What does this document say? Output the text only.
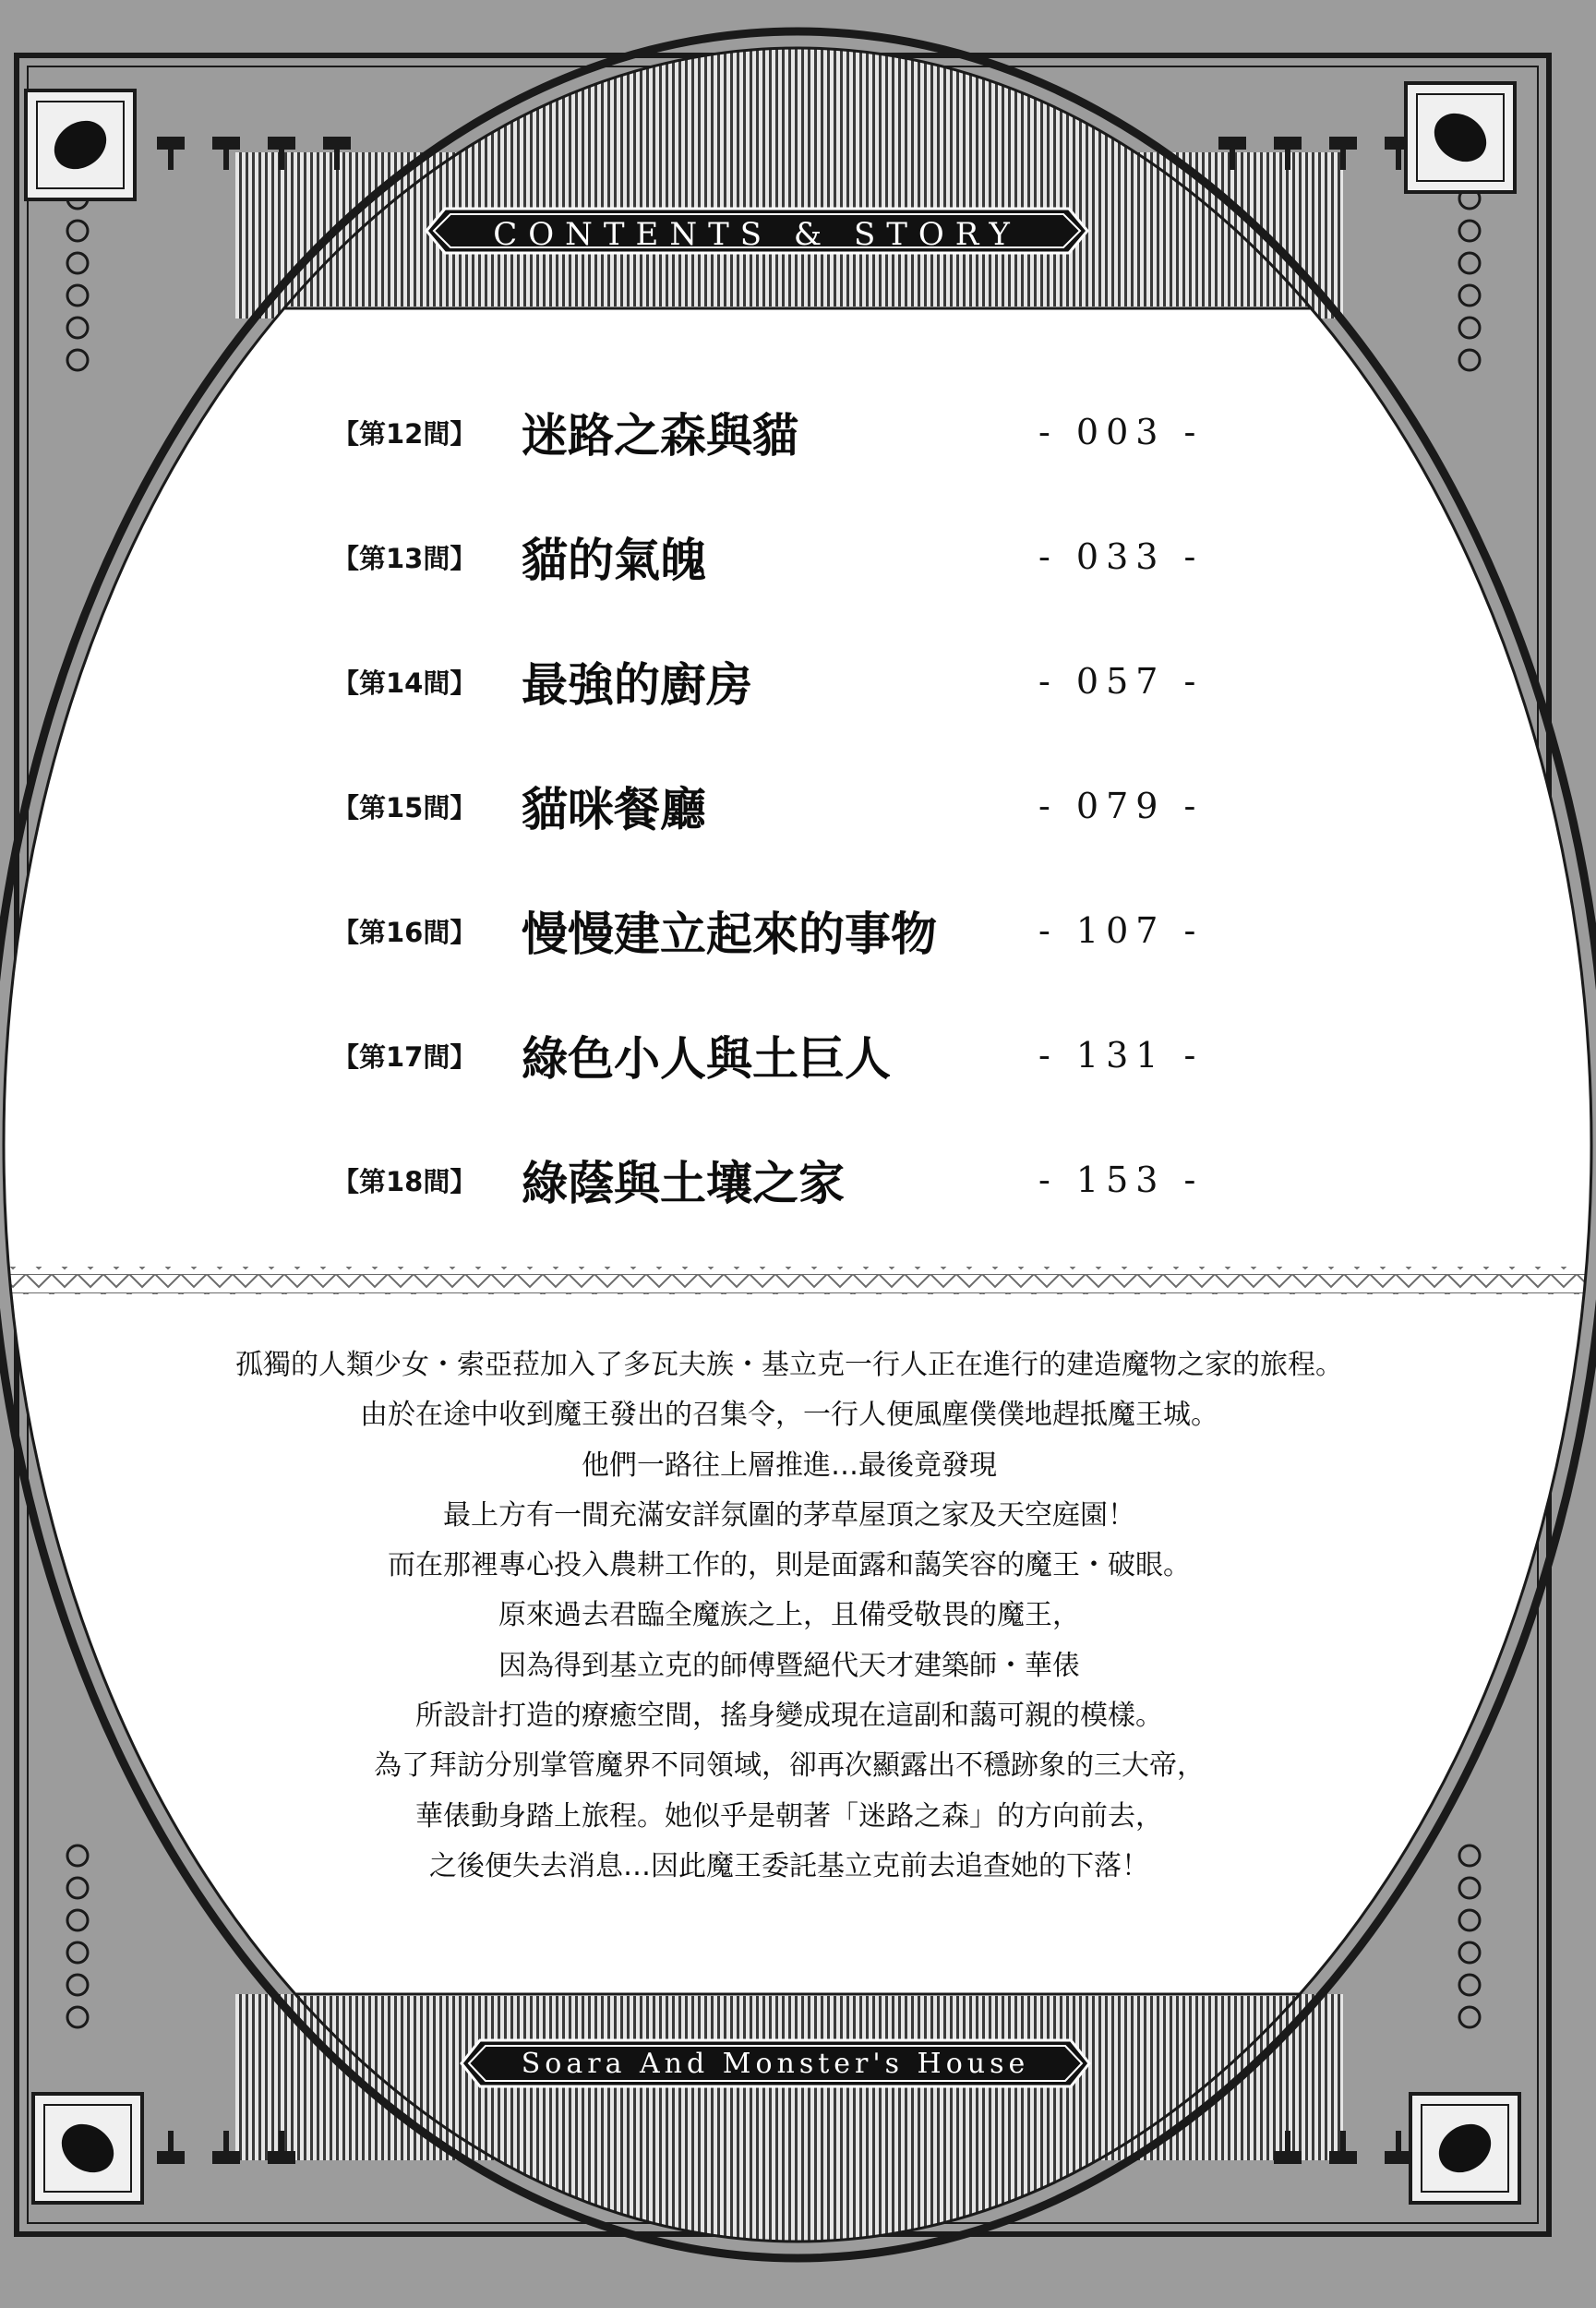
CONTENTS & STORY
【第12間】 迷路之森與貓	- 003 -
【第13間】 貓的氣魄	- 033 -
【第14間】 最強的廚房	- 057 -
【第15間】 貓咪餐廳	- 079 -
【第16間】 慢慢建立起來的事物	- 107 -
【第17間】 綠色小人與土巨人	- 131 -
【第18間】 綠蔭與土壤之家	- 153 -
孤獨的人類少女・索亞菈加入了多瓦夫族・基立克一行人正在進行的建造魔物之家的旅程。
由於在途中收到魔王發出的召集令，一行人便風塵僕僕地趕抵魔王城。
他們一路往上層推進…最後竟發現
最上方有一間充滿安詳氛圍的茅草屋頂之家及天空庭園！
而在那裡專心投入農耕工作的，則是面露和藹笑容的魔王・破眼。
原來過去君臨全魔族之上，且備受敬畏的魔王，
因為得到基立克的師傅暨絕代天才建築師・華俵
所設計打造的療癒空間，搖身變成現在這副和藹可親的模樣。
為了拜訪分別掌管魔界不同領域，卻再次顯露出不穩跡象的三大帝，
華俵動身踏上旅程。她似乎是朝著「迷路之森」的方向前去，
之後便失去消息…因此魔王委託基立克前去追查她的下落！
Soara And Monster's House
